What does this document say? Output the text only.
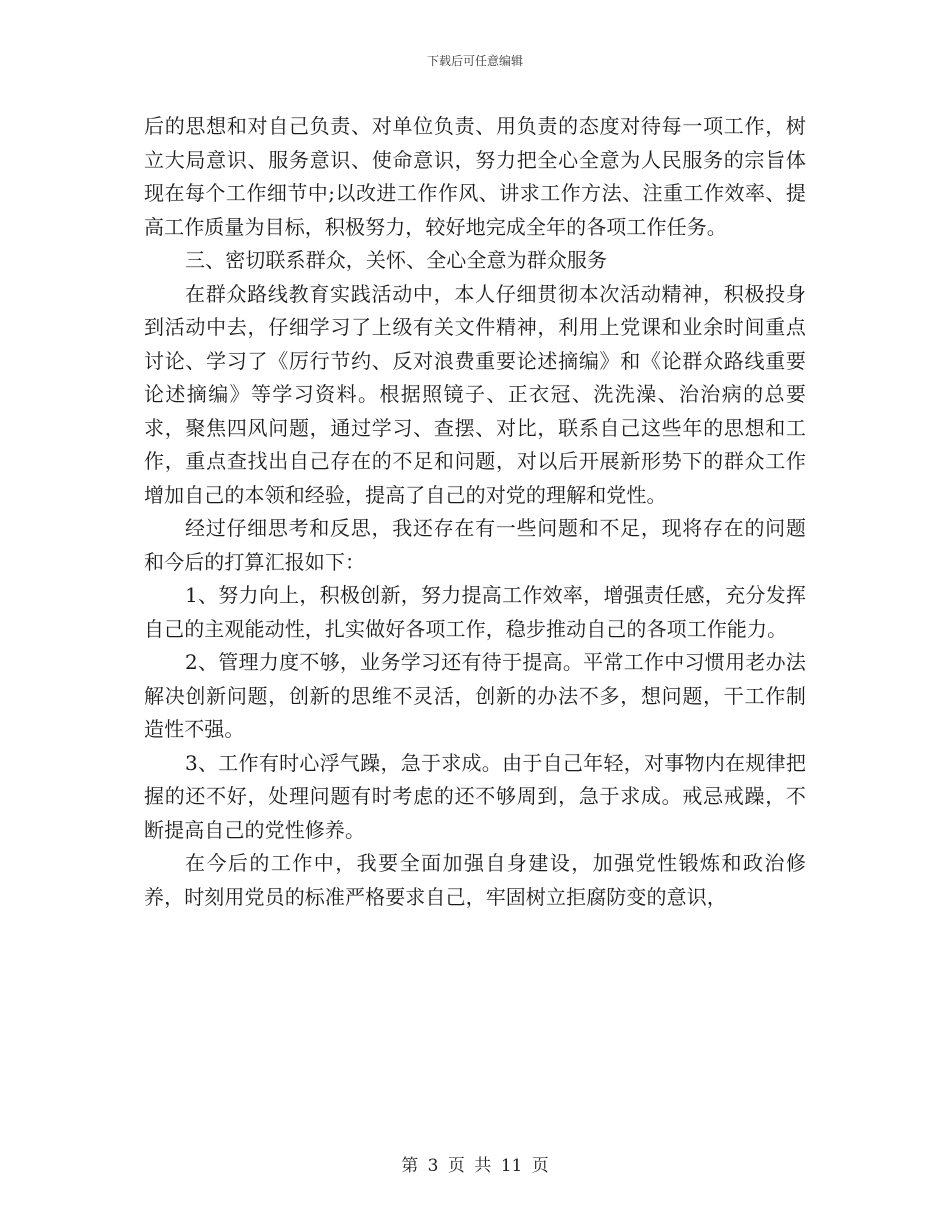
下载后可任意编辑

后的思想和对自己负责、对单位负责、用负责的态度对待每一项工作，树立大局意识、服务意识、使命意识，努力把全心全意为人民服务的宗旨体现在每个工作细节中;以改进工作作风、讲求工作方法、注重工作效率、提高工作质量为目标，积极努力，较好地完成全年的各项工作任务。

三、密切联系群众，关怀、全心全意为群众服务

在群众路线教育实践活动中，本人仔细贯彻本次活动精神，积极投身到活动中去，仔细学习了上级有关文件精神，利用上党课和业余时间重点讨论、学习了《厉行节约、反对浪费重要论述摘编》和《论群众路线重要论述摘编》等学习资料。根据照镜子、正衣冠、洗洗澡、治治病的总要求，聚焦四风问题，通过学习、查摆、对比，联系自己这些年的思想和工作，重点查找出自己存在的不足和问题，对以后开展新形势下的群众工作增加自己的本领和经验，提高了自己的对党的理解和党性。

经过仔细思考和反思，我还存在有一些问题和不足，现将存在的问题和今后的打算汇报如下：

1、努力向上，积极创新，努力提高工作效率，增强责任感，充分发挥自己的主观能动性，扎实做好各项工作，稳步推动自己的各项工作能力。

2、管理力度不够，业务学习还有待于提高。平常工作中习惯用老办法解决创新问题，创新的思维不灵活，创新的办法不多，想问题，干工作制造性不强。

3、工作有时心浮气躁，急于求成。由于自己年轻，对事物内在规律把握的还不好，处理问题有时考虑的还不够周到，急于求成。戒忌戒躁，不断提高自己的党性修养。

在今后的工作中，我要全面加强自身建设，加强党性锻炼和政治修养，时刻用党员的标准严格要求自己，牢固树立拒腐防变的意识，

第 3 页 共 11 页
